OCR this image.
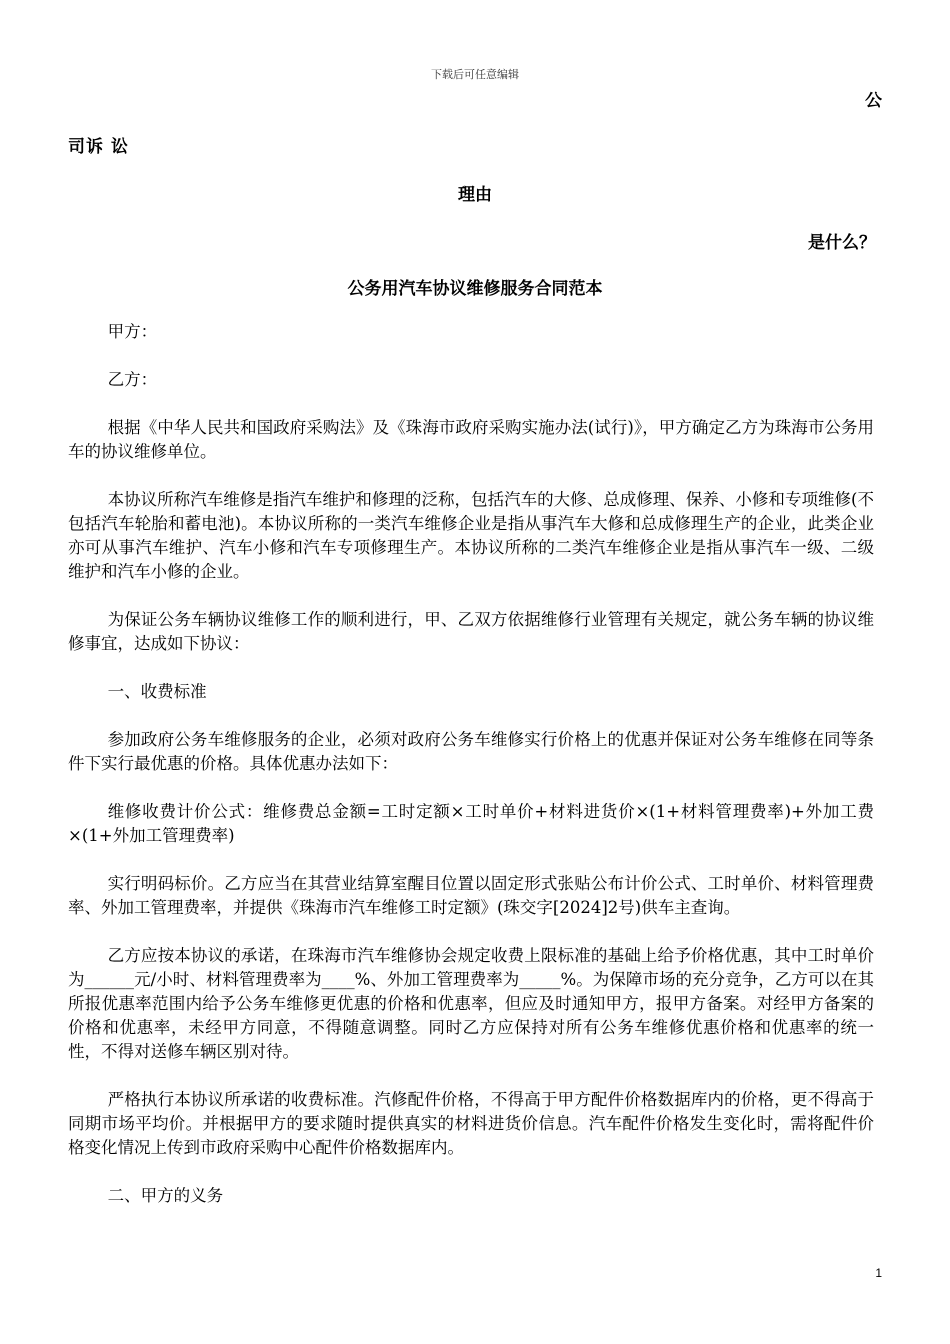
下载后可任意编辑
公
司诉 讼
理由
是什么？
公务用汽车协议维修服务合同范本

甲方：

乙方：

根据《中华人民共和国政府采购法》及《珠海市政府采购实施办法(试行)》，甲方确定乙方为珠海市公务用车的协议维修单位。

本协议所称汽车维修是指汽车维护和修理的泛称，包括汽车的大修、总成修理、保养、小修和专项维修(不包括汽车轮胎和蓄电池)。本协议所称的一类汽车维修企业是指从事汽车大修和总成修理生产的企业，此类企业亦可从事汽车维护、汽车小修和汽车专项修理生产。本协议所称的二类汽车维修企业是指从事汽车一级、二级维护和汽车小修的企业。

为保证公务车辆协议维修工作的顺利进行，甲、乙双方依据维修行业管理有关规定，就公务车辆的协议维修事宜，达成如下协议：

一、收费标准

参加政府公务车维修服务的企业，必须对政府公务车维修实行价格上的优惠并保证对公务车维修在同等条件下实行最优惠的价格。具体优惠办法如下：

维修收费计价公式：维修费总金额=工时定额×工时单价+材料进货价×(1+材料管理费率)+外加工费×(1+外加工管理费率)

实行明码标价。乙方应当在其营业结算室醒目位置以固定形式张贴公布计价公式、工时单价、材料管理费率、外加工管理费率，并提供《珠海市汽车维修工时定额》(珠交字[2024]2号)供车主查询。

乙方应按本协议的承诺，在珠海市汽车维修协会规定收费上限标准的基础上给予价格优惠，其中工时单价为______元/小时、材料管理费率为____%、外加工管理费率为_____%。为保障市场的充分竞争，乙方可以在其所报优惠率范围内给予公务车维修更优惠的价格和优惠率，但应及时通知甲方，报甲方备案。对经甲方备案的价格和优惠率，未经甲方同意，不得随意调整。同时乙方应保持对所有公务车维修优惠价格和优惠率的统一性，不得对送修车辆区别对待。

严格执行本协议所承诺的收费标准。汽修配件价格，不得高于甲方配件价格数据库内的价格，更不得高于同期市场平均价。并根据甲方的要求随时提供真实的材料进货价信息。汽车配件价格发生变化时，需将配件价格变化情况上传到市政府采购中心配件价格数据库内。

二、甲方的义务

1
